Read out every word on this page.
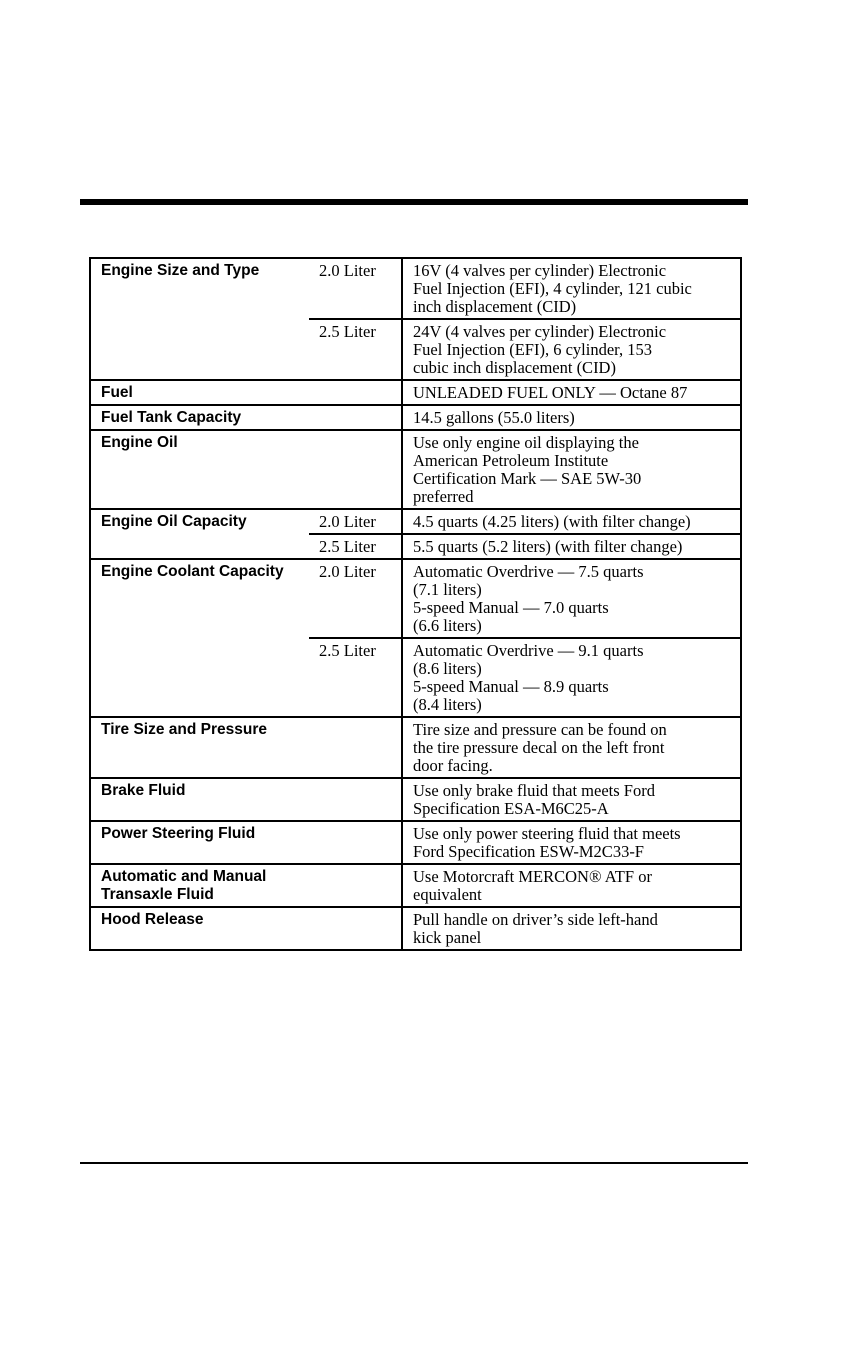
Engine Size and Type	2.0 Liter	16V (4 valves per cylinder) Electronic
Fuel Injection (EFI), 4 cylinder, 121 cubic
inch displacement (CID)
	2.5 Liter	24V (4 valves per cylinder) Electronic
Fuel Injection (EFI), 6 cylinder, 153
cubic inch displacement (CID)
Fuel		UNLEADED FUEL ONLY — Octane 87
Fuel Tank Capacity		14.5 gallons (55.0 liters)
Engine Oil		Use only engine oil displaying the
American Petroleum Institute
Certification Mark — SAE 5W-30
preferred
Engine Oil Capacity	2.0 Liter	4.5 quarts (4.25 liters) (with filter change)
	2.5 Liter	5.5 quarts (5.2 liters) (with filter change)
Engine Coolant Capacity	2.0 Liter	Automatic Overdrive — 7.5 quarts
(7.1 liters)
5-speed Manual — 7.0 quarts
(6.6 liters)
	2.5 Liter	Automatic Overdrive — 9.1 quarts
(8.6 liters)
5-speed Manual — 8.9 quarts
(8.4 liters)
Tire Size and Pressure		Tire size and pressure can be found on
the tire pressure decal on the left front
door facing.
Brake Fluid		Use only brake fluid that meets Ford
Specification ESA-M6C25-A
Power Steering Fluid		Use only power steering fluid that meets
Ford Specification ESW-M2C33-F
Automatic and Manual
Transaxle Fluid		Use Motorcraft MERCON® ATF or
equivalent
Hood Release		Pull handle on driver’s side left-hand
kick panel
